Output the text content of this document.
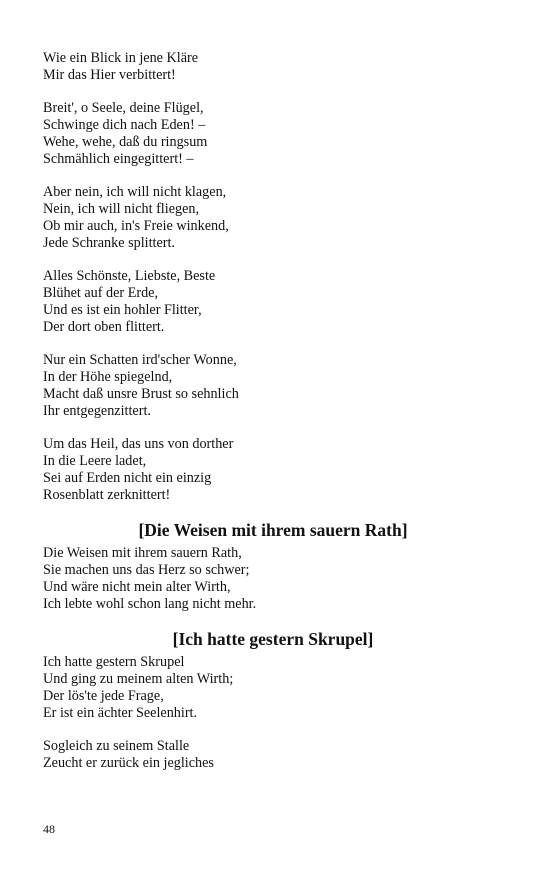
Wie ein Blick in jene Kläre
Mir das Hier verbittert!
Breit', o Seele, deine Flügel,
Schwinge dich nach Eden! –
Wehe, wehe, daß du ringsum
Schmählich eingegittert! –
Aber nein, ich will nicht klagen,
Nein, ich will nicht fliegen,
Ob mir auch, in's Freie winkend,
Jede Schranke splittert.
Alles Schönste, Liebste, Beste
Blühet auf der Erde,
Und es ist ein hohler Flitter,
Der dort oben flittert.
Nur ein Schatten ird'scher Wonne,
In der Höhe spiegelnd,
Macht daß unsre Brust so sehnlich
Ihr entgegenzittert.
Um das Heil, das uns von dorther
In die Leere ladet,
Sei auf Erden nicht ein einzig
Rosenblatt zerknittert!
[Die Weisen mit ihrem sauern Rath]
Die Weisen mit ihrem sauern Rath,
Sie machen uns das Herz so schwer;
Und wäre nicht mein alter Wirth,
Ich lebte wohl schon lang nicht mehr.
[Ich hatte gestern Skrupel]
Ich hatte gestern Skrupel
Und ging zu meinem alten Wirth;
Der lös'te jede Frage,
Er ist ein ächter Seelenhirt.
Sogleich zu seinem Stalle
Zeucht er zurück ein jegliches
48
